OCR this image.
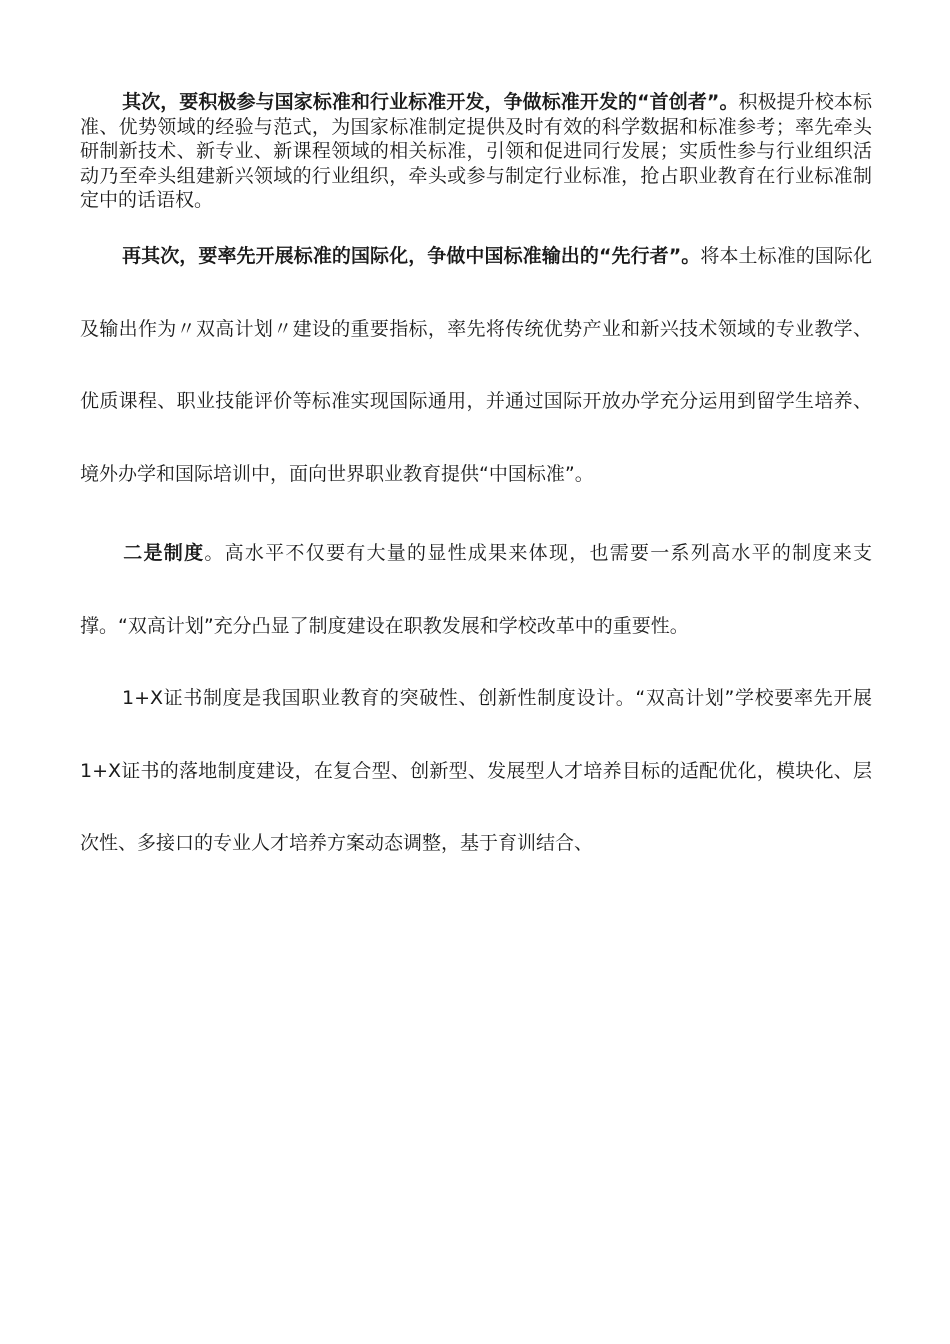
其次，要积极参与国家标准和行业标准开发，争做标准开发的“首创者”。积极提升校本标准、优势领域的经验与范式，为国家标准制定提供及时有效的科学数据和标准参考；率先牵头研制新技术、新专业、新课程领域的相关标准，引领和促进同行发展；实质性参与行业组织活动乃至牵头组建新兴领域的行业组织，牵头或参与制定行业标准，抢占职业教育在行业标准制定中的话语权。

再其次，要率先开展标准的国际化，争做中国标准输出的“先行者”。将本土标准的国际化及输出作为〃双高计划〃建设的重要指标，率先将传统优势产业和新兴技术领域的专业教学、优质课程、职业技能评价等标准实现国际通用，并通过国际开放办学充分运用到留学生培养、境外办学和国际培训中，面向世界职业教育提供“中国标准”。

二是制度。高水平不仅要有大量的显性成果来体现，也需要一系列高水平的制度来支撑。“双高计划”充分凸显了制度建设在职教发展和学校改革中的重要性。

1+X证书制度是我国职业教育的突破性、创新性制度设计。“双高计划”学校要率先开展1+X证书的落地制度建设，在复合型、创新型、发展型人才培养目标的适配优化，模块化、层次性、多接口的专业人才培养方案动态调整，基于育训结合、
